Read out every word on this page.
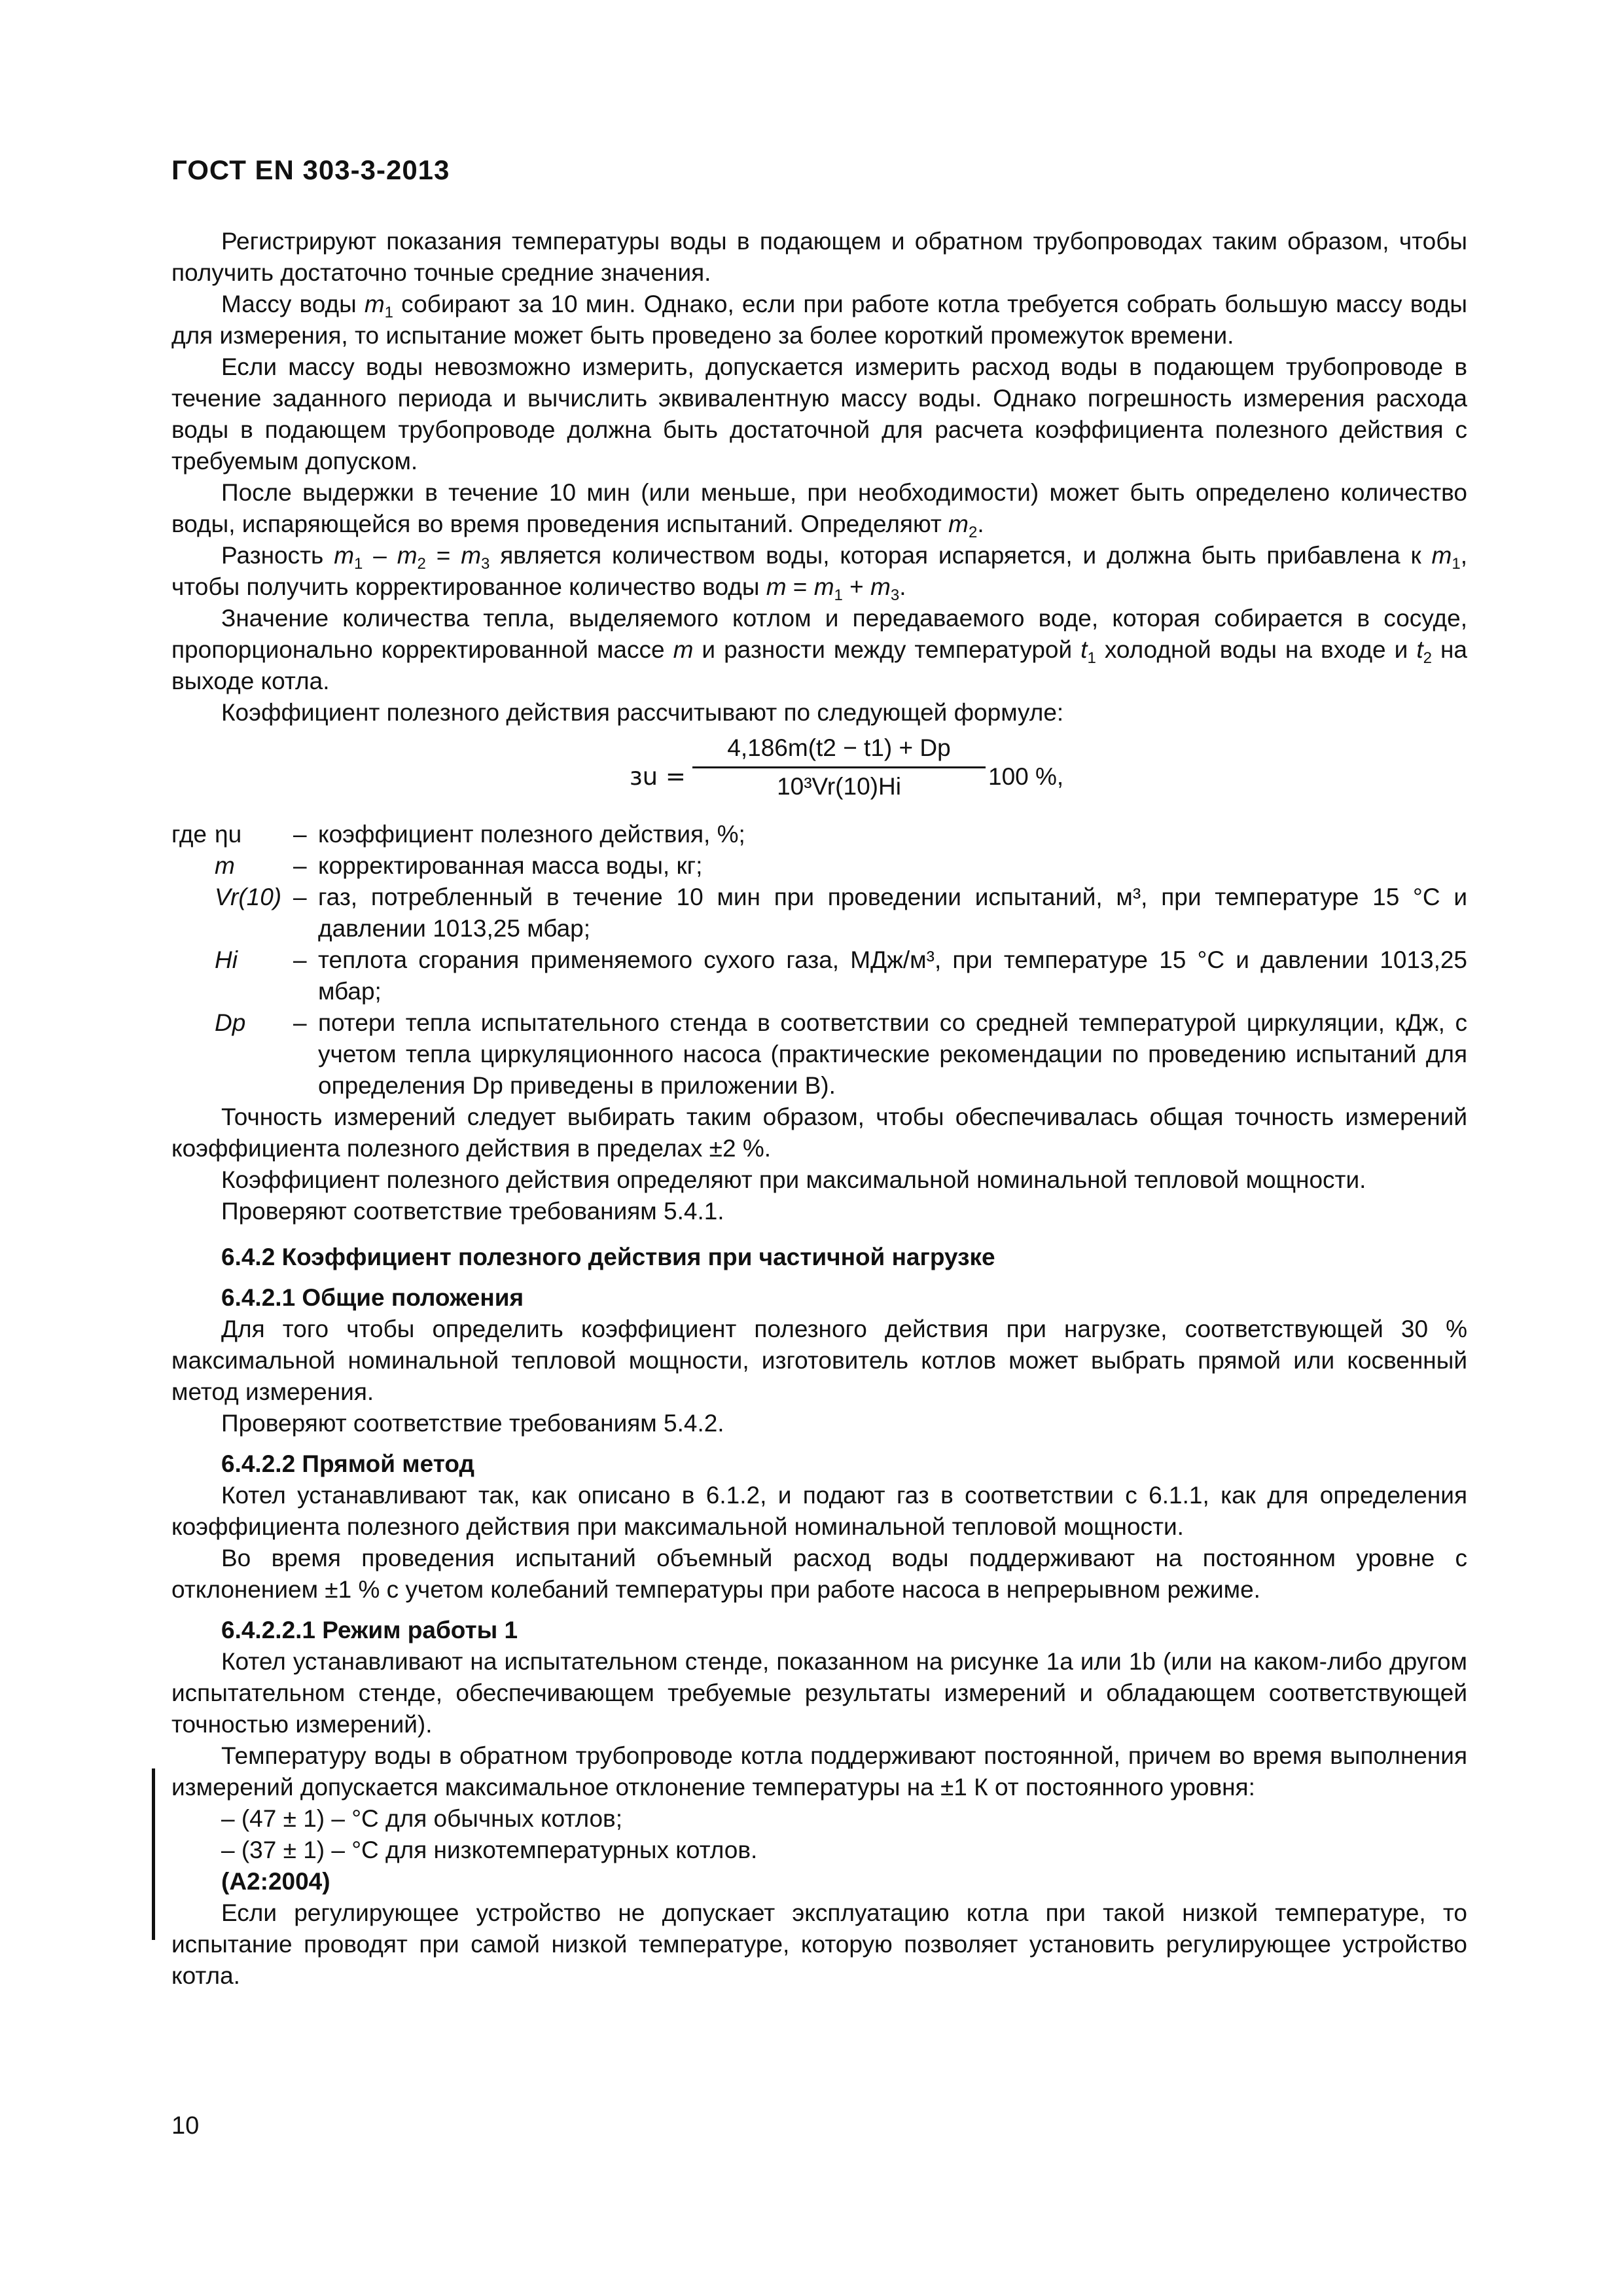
ГОСТ EN 303-3-2013

Регистрируют показания температуры воды в подающем и обратном трубопроводах таким образом, чтобы получить достаточно точные средние значения.

Массу воды $m_1$ собирают за 10 мин. Однако, если при работе котла требуется собрать большую массу воды для измерения, то испытание может быть проведено за более короткий промежуток времени.

Если массу воды невозможно измерить, допускается измерить расход воды в подающем трубопроводе в течение заданного периода и вычислить эквивалентную массу воды. Однако погрешность измерения расхода воды в подающем трубопроводе должна быть достаточной для расчета коэффициента полезного действия с требуемым допуском.

После выдержки в течение 10 мин (или меньше, при необходимости) может быть определено количество воды, испаряющейся во время проведения испытаний. Определяют $m_2$.

Разность $m_1 - m_2 = m_3$ является количеством воды, которая испаряется, и должна быть прибавлена к $m_1$, чтобы получить корректированное количество воды $m = m_1 + m_3$.

Значение количества тепла, выделяемого котлом и передаваемого воде, которая собирается в сосуде, пропорционально корректированной массе m и разности между температурой $t_1$ холодной воды на входе и $t_2$ на выходе котла.

Коэффициент полезного действия рассчитывают по следующей формуле:

ɜu =
4,186m(t2 − t1) + Dp
10³Vr(10)Hi	100 %,
где ηu – коэффициент полезного действия, %;
m – корректированная масса воды, кг;
Vr(10) – газ, потребленный в течение 10 мин при проведении испытаний, м³, при температуре 15 °С и давлении 1013,25 мбар;
Hi – теплота сгорания применяемого сухого газа, МДж/м³, при температуре 15 °С и давлении 1013,25 мбар;
Dp – потери тепла испытательного стенда в соответствии со средней температурой циркуляции, кДж, с учетом тепла циркуляционного насоса (практические рекомендации по проведению испытаний для определения Dp приведены в приложении В).

Точность измерений следует выбирать таким образом, чтобы обеспечивалась общая точность измерений коэффициента полезного действия в пределах ±2 %.

Коэффициент полезного действия определяют при максимальной номинальной тепловой мощности.

Проверяют соответствие требованиям 5.4.1.

6.4.2 Коэффициент полезного действия при частичной нагрузке

6.4.2.1 Общие положения

Для того чтобы определить коэффициент полезного действия при нагрузке, соответствующей 30 % максимальной номинальной тепловой мощности, изготовитель котлов может выбрать прямой или косвенный метод измерения.

Проверяют соответствие требованиям 5.4.2.

6.4.2.2 Прямой метод

Котел устанавливают так, как описано в 6.1.2, и подают газ в соответствии с 6.1.1, как для определения коэффициента полезного действия при максимальной номинальной тепловой мощности.

Во время проведения испытаний объемный расход воды поддерживают на постоянном уровне с отклонением ±1 % с учетом колебаний температуры при работе насоса в непрерывном режиме.

6.4.2.2.1 Режим работы 1

Котел устанавливают на испытательном стенде, показанном на рисунке 1а или 1b (или на каком-либо другом испытательном стенде, обеспечивающем требуемые результаты измерений и обладающем соответствующей точностью измерений).

Температуру воды в обратном трубопроводе котла поддерживают постоянной, причем во время выполнения измерений допускается максимальное отклонение температуры на ±1 К от постоянного уровня:

– (47 ± 1) – °С для обычных котлов;

– (37 ± 1) – °С для низкотемпературных котлов.

(A2:2004)

Если регулирующее устройство не допускает эксплуатацию котла при такой низкой температуре, то испытание проводят при самой низкой температуре, которую позволяет установить регулирующее устройство котла.

10
